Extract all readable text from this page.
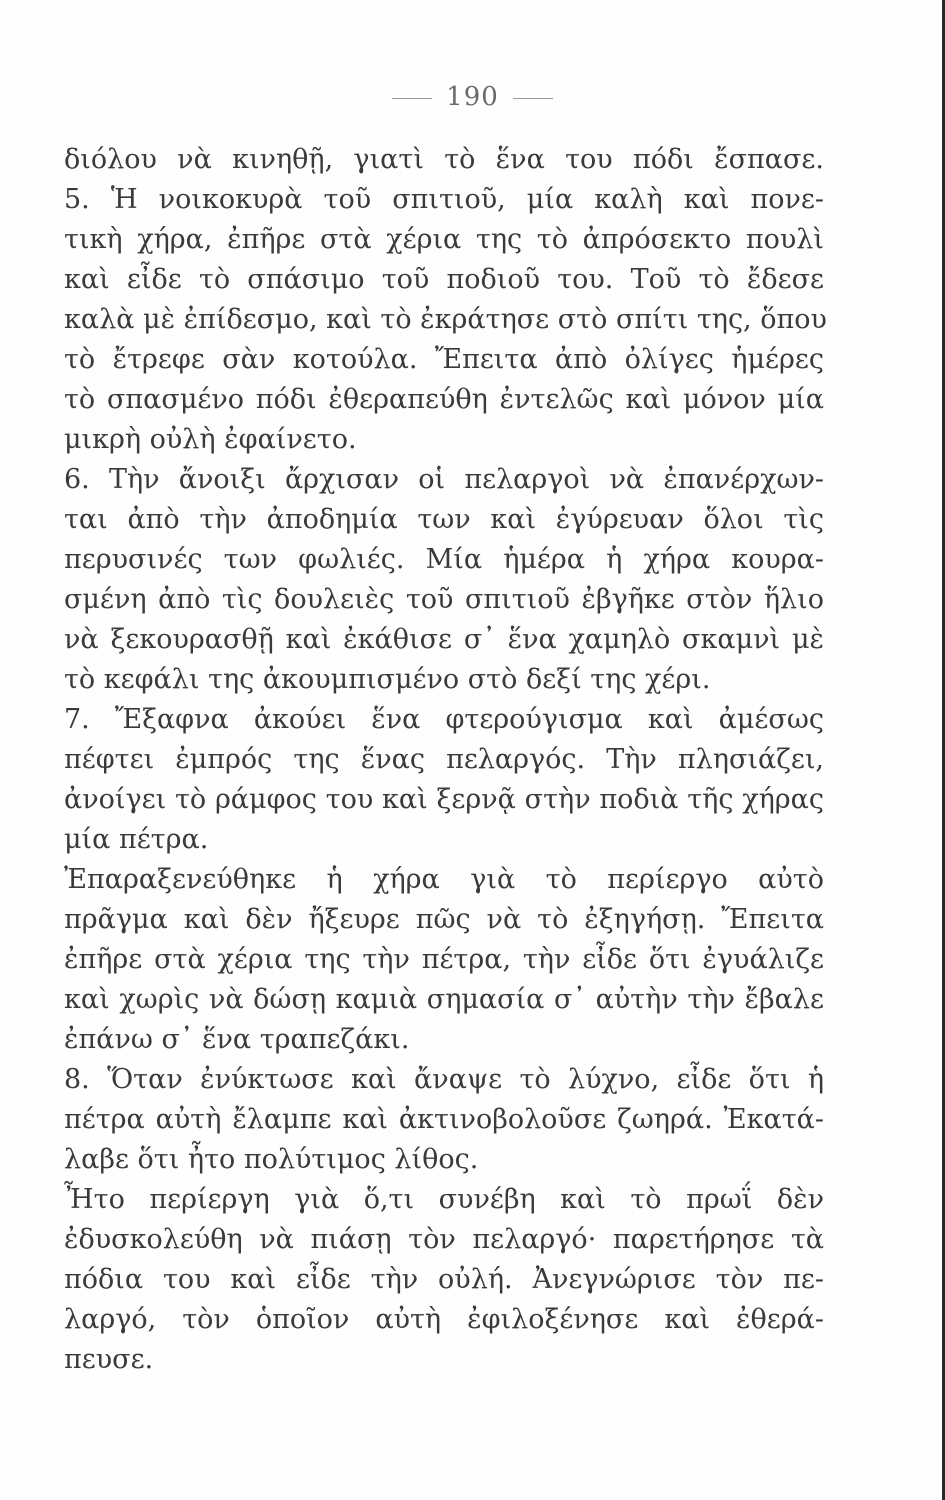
190
διόλου νὰ κινηθῇ, γιατὶ τὸ ἕνα του πόδι ἔσπασε.
5. Ἡ νοικοκυρὰ τοῦ σπιτιοῦ, μία καλὴ καὶ πονε-
τικὴ χήρα, ἐπῆρε στὰ χέρια της τὸ ἀπρόσεκτο πουλὶ
καὶ εἶδε τὸ σπάσιμο τοῦ ποδιοῦ του. Τοῦ τὸ ἔδεσε
καλὰ μὲ ἐπίδεσμο, καὶ τὸ ἐκράτησε στὸ σπίτι της, ὅπου
τὸ ἔτρεφε σὰν κοτούλα. Ἔπειτα ἀπὸ ὀλίγες ἡμέρες
τὸ σπασμένο πόδι ἐθεραπεύθη ἐντελῶς καὶ μόνον μία
μικρὴ οὐλὴ ἐφαίνετο.
6. Τὴν ἄνοιξι ἄρχισαν οἱ πελαργοὶ νὰ ἐπανέρχων-
ται ἀπὸ τὴν ἀποδημία των καὶ ἐγύρευαν ὅλοι τὶς
περυσινές των φωλιές. Μία ἡμέρα ἡ χήρα κουρα-
σμένη ἀπὸ τὶς δουλειὲς τοῦ σπιτιοῦ ἐβγῆκε στὸν ἥλιο
νὰ ξεκουρασθῇ καὶ ἐκάθισε σ᾿ ἕνα χαμηλὸ σκαμνὶ μὲ
τὸ κεφάλι της ἀκουμπισμένο στὸ δεξί της χέρι.
7. Ἔξαφνα ἀκούει ἕνα φτερούγισμα καὶ ἀμέσως
πέφτει ἐμπρός της ἕνας πελαργός. Τὴν πλησιάζει,
ἀνοίγει τὸ ράμφος του καὶ ξερνᾷ στὴν ποδιὰ τῆς χήρας
μία πέτρα.
Ἐπαραξενεύθηκε ἡ χήρα γιὰ τὸ περίεργο αὐτὸ
πρᾶγμα καὶ δὲν ἤξευρε πῶς νὰ τὸ ἐξηγήσῃ. Ἔπειτα
ἐπῆρε στὰ χέρια της τὴν πέτρα, τὴν εἶδε ὅτι ἐγυάλιζε
καὶ χωρὶς νὰ δώσῃ καμιὰ σημασία σ᾿ αὐτὴν τὴν ἔβαλε
ἐπάνω σ᾿ ἕνα τραπεζάκι.
8. Ὅταν ἐνύκτωσε καὶ ἄναψε τὸ λύχνο, εἶδε ὅτι ἡ
πέτρα αὐτὴ ἔλαμπε καὶ ἀκτινοβολοῦσε ζωηρά. Ἐκατά-
λαβε ὅτι ἦτο πολύτιμος λίθος.
Ἦτο περίεργη γιὰ ὅ,τι συνέβη καὶ τὸ πρωΐ δὲν
ἐδυσκολεύθη νὰ πιάσῃ τὸν πελαργό· παρετήρησε τὰ
πόδια του καὶ εἶδε τὴν οὐλή. Ἀνεγνώρισε τὸν πε-
λαργό, τὸν ὁποῖον αὐτὴ ἐφιλοξένησε καὶ ἐθερά-
πευσε.
